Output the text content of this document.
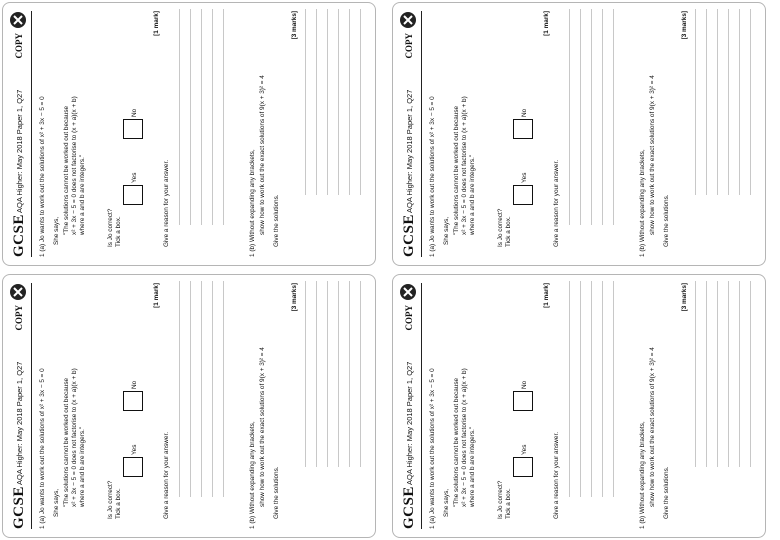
GCSE
AQA Higher: May 2018 Paper 1, Q27
COPY
1 (a) Jo wants to work out the solutions of x² + 3x − 5 = 0 She says, "The solutions cannot be worked out because x² + 3x − 5 = 0 does not factorise to (x + a)(x + b) where a and b are integers."	Is Jo correct? Tick a box.
Yes
No
[1 mark]
Give a reason for your answer.	1 (b) Without expanding any brackets, show how to work out the exact solutions of 9(x + 3)² = 4 Give the solutions.
[3 marks]
GCSE
AQA Higher: May 2018 Paper 1, Q27
COPY
1 (a) Jo wants to work out the solutions of x² + 3x − 5 = 0 She says, "The solutions cannot be worked out because x² + 3x − 5 = 0 does not factorise to (x + a)(x + b) where a and b are integers."	Is Jo correct? Tick a box.
Yes
No
[1 mark]
Give a reason for your answer.	1 (b) Without expanding any brackets, show how to work out the exact solutions of 9(x + 3)² = 4 Give the solutions.
[3 marks]
GCSE
AQA Higher: May 2018 Paper 1, Q27
COPY
1 (a) Jo wants to work out the solutions of x² + 3x − 5 = 0 She says, "The solutions cannot be worked out because x² + 3x − 5 = 0 does not factorise to (x + a)(x + b) where a and b are integers."	Is Jo correct? Tick a box.
Yes
No
[1 mark]
Give a reason for your answer.	1 (b) Without expanding any brackets, show how to work out the exact solutions of 9(x + 3)² = 4 Give the solutions.
[3 marks]
GCSE
AQA Higher: May 2018 Paper 1, Q27
COPY
1 (a) Jo wants to work out the solutions of x² + 3x − 5 = 0 She says, "The solutions cannot be worked out because x² + 3x − 5 = 0 does not factorise to (x + a)(x + b) where a and b are integers."	Is Jo correct? Tick a box.
Yes
No
[1 mark]
Give a reason for your answer.	1 (b) Without expanding any brackets, show how to work out the exact solutions of 9(x + 3)² = 4 Give the solutions.
[3 marks]
